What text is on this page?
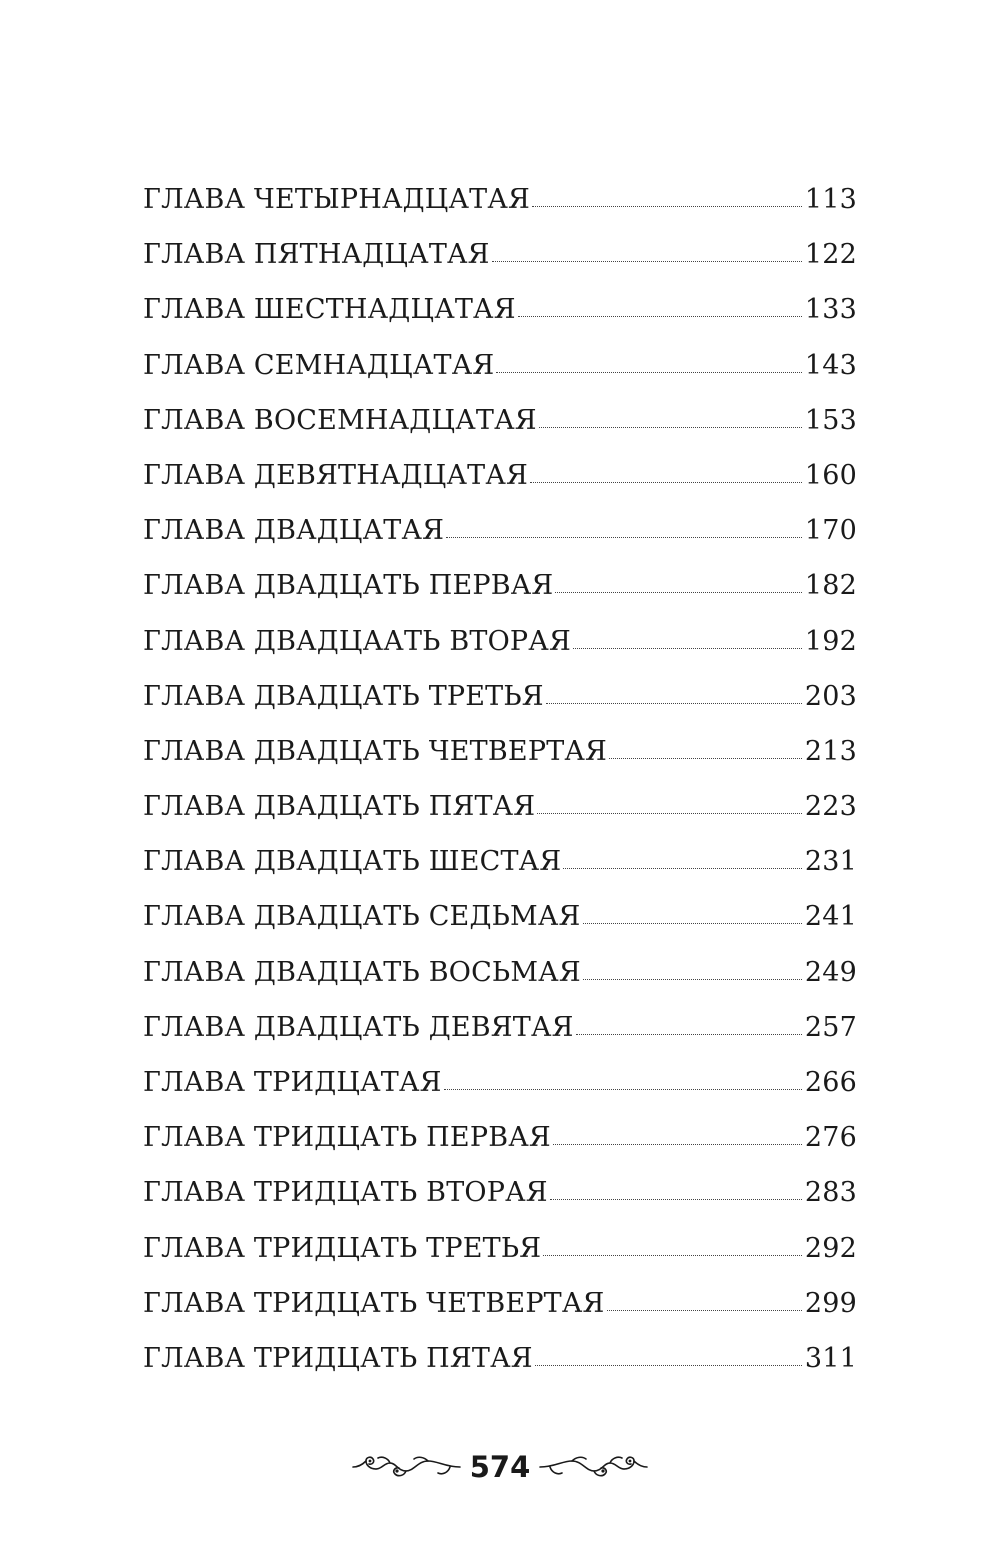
ГЛАВА ЧЕТЫРНАДЦАТАЯ	113
ГЛАВА ПЯТНАДЦАТАЯ	122
ГЛАВА ШЕСТНАДЦАТАЯ	133
ГЛАВА СЕМНАДЦАТАЯ	143
ГЛАВА ВОСЕМНАДЦАТАЯ	153
ГЛАВА ДЕВЯТНАДЦАТАЯ	160
ГЛАВА ДВАДЦАТАЯ	170
ГЛАВА ДВАДЦАТЬ ПЕРВАЯ	182
ГЛАВА ДВАДЦААТЬ ВТОРАЯ	192
ГЛАВА ДВАДЦАТЬ ТРЕТЬЯ	203
ГЛАВА ДВАДЦАТЬ ЧЕТВЕРТАЯ	213
ГЛАВА ДВАДЦАТЬ ПЯТАЯ	223
ГЛАВА ДВАДЦАТЬ ШЕСТАЯ	231
ГЛАВА ДВАДЦАТЬ СЕДЬМАЯ	241
ГЛАВА ДВАДЦАТЬ ВОСЬМАЯ	249
ГЛАВА ДВАДЦАТЬ ДЕВЯТАЯ	257
ГЛАВА ТРИДЦАТАЯ	266
ГЛАВА ТРИДЦАТЬ ПЕРВАЯ	276
ГЛАВА ТРИДЦАТЬ ВТОРАЯ	283
ГЛАВА ТРИДЦАТЬ ТРЕТЬЯ	292
ГЛАВА ТРИДЦАТЬ ЧЕТВЕРТАЯ	299
ГЛАВА ТРИДЦАТЬ ПЯТАЯ	311
574
